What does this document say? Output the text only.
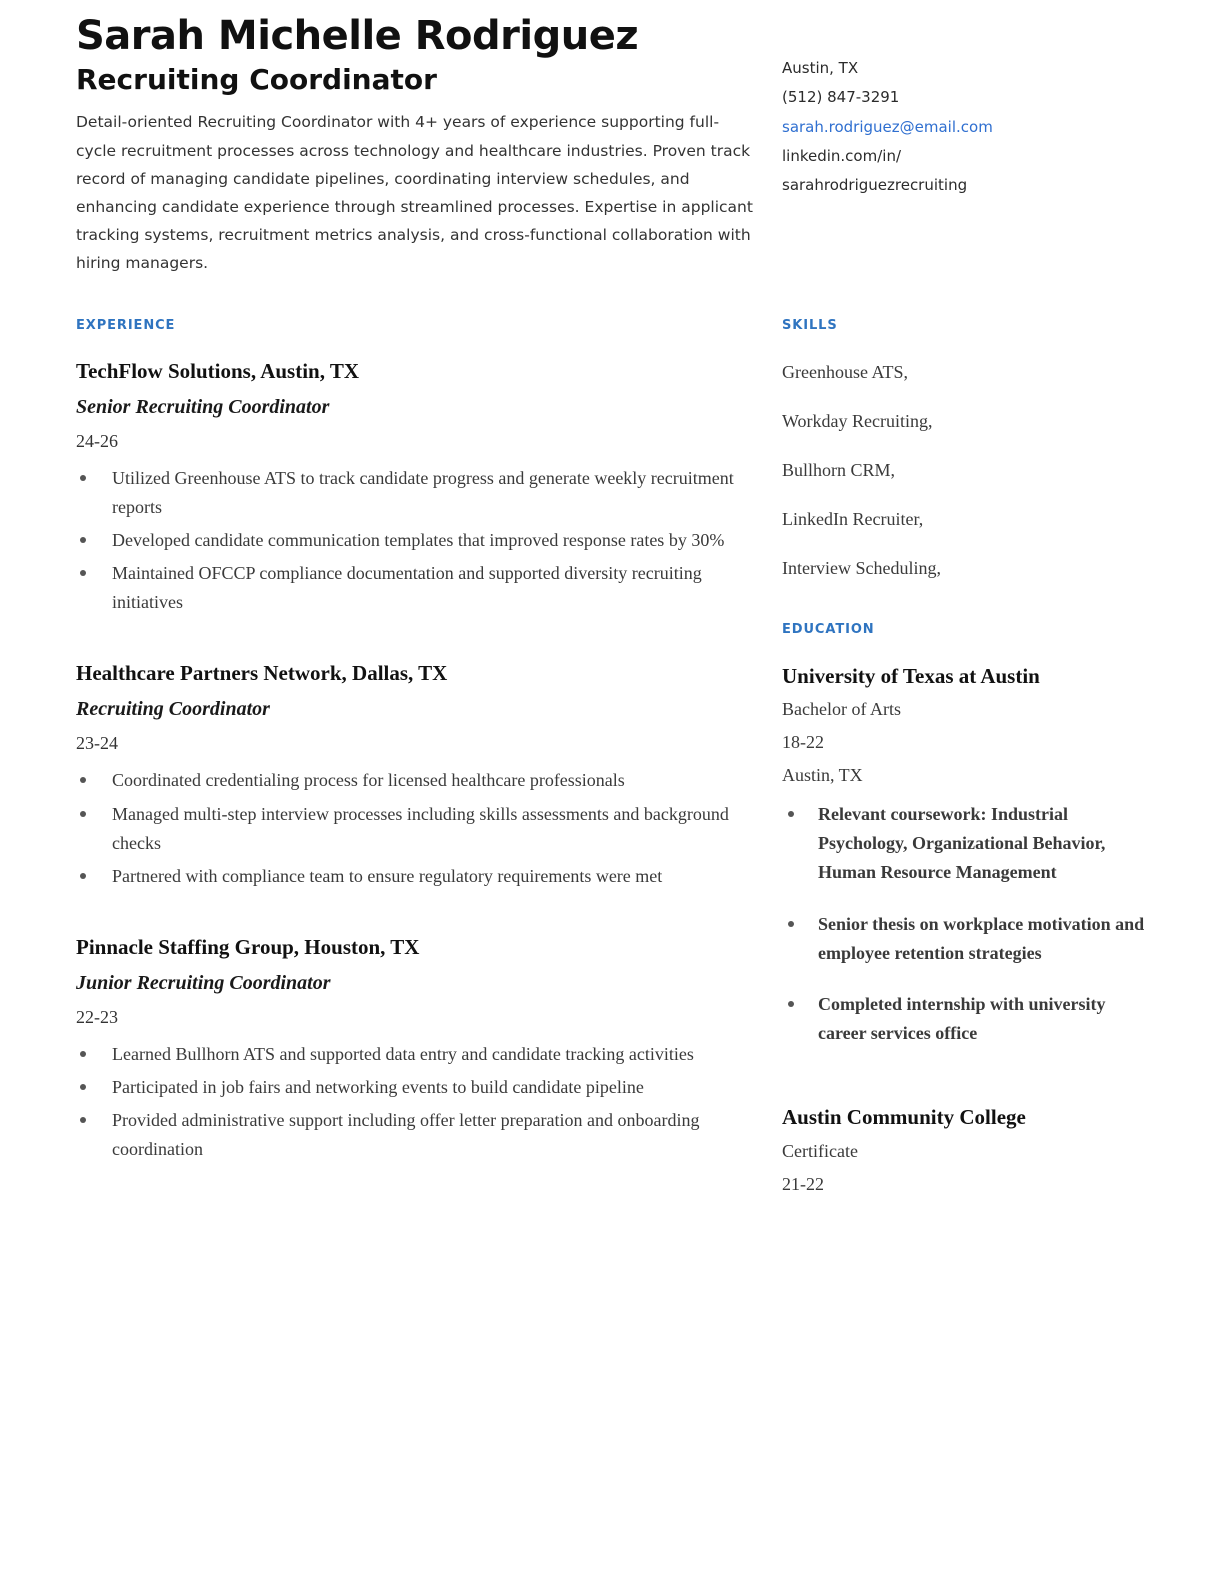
Sarah Michelle Rodriguez
Recruiting Coordinator

Detail-oriented Recruiting Coordinator with 4+ years of experience supporting full-cycle recruitment processes across technology and healthcare industries. Proven track record of managing candidate pipelines, coordinating interview schedules, and enhancing candidate experience through streamlined processes. Expertise in applicant tracking systems, recruitment metrics analysis, and cross-functional collaboration with hiring managers.

Austin, TX
(512) 847-3291
sarah.rodriguez@email.com
linkedin.com/in/
sarahrodriguezrecruiting
EXPERIENCE
TechFlow Solutions, Austin, TX
Senior Recruiting Coordinator
24-26
Utilized Greenhouse ATS to track candidate progress and generate weekly recruitment reports
Developed candidate communication templates that improved response rates by 30%
Maintained OFCCP compliance documentation and supported diversity recruiting initiatives
Healthcare Partners Network, Dallas, TX
Recruiting Coordinator
23-24
Coordinated credentialing process for licensed healthcare professionals
Managed multi-step interview processes including skills assessments and background checks
Partnered with compliance team to ensure regulatory requirements were met
Pinnacle Staffing Group, Houston, TX
Junior Recruiting Coordinator
22-23
Learned Bullhorn ATS and supported data entry and candidate tracking activities
Participated in job fairs and networking events to build candidate pipeline
Provided administrative support including offer letter preparation and onboarding coordination
SKILLS
Greenhouse ATS,
Workday Recruiting,
Bullhorn CRM,
LinkedIn Recruiter,
Interview Scheduling,
EDUCATION
University of Texas at Austin
Bachelor of Arts
18-22
Austin, TX
Relevant coursework: Industrial Psychology, Organizational Behavior, Human Resource Management
Senior thesis on workplace motivation and employee retention strategies
Completed internship with university career services office
Austin Community College
Certificate
21-22
